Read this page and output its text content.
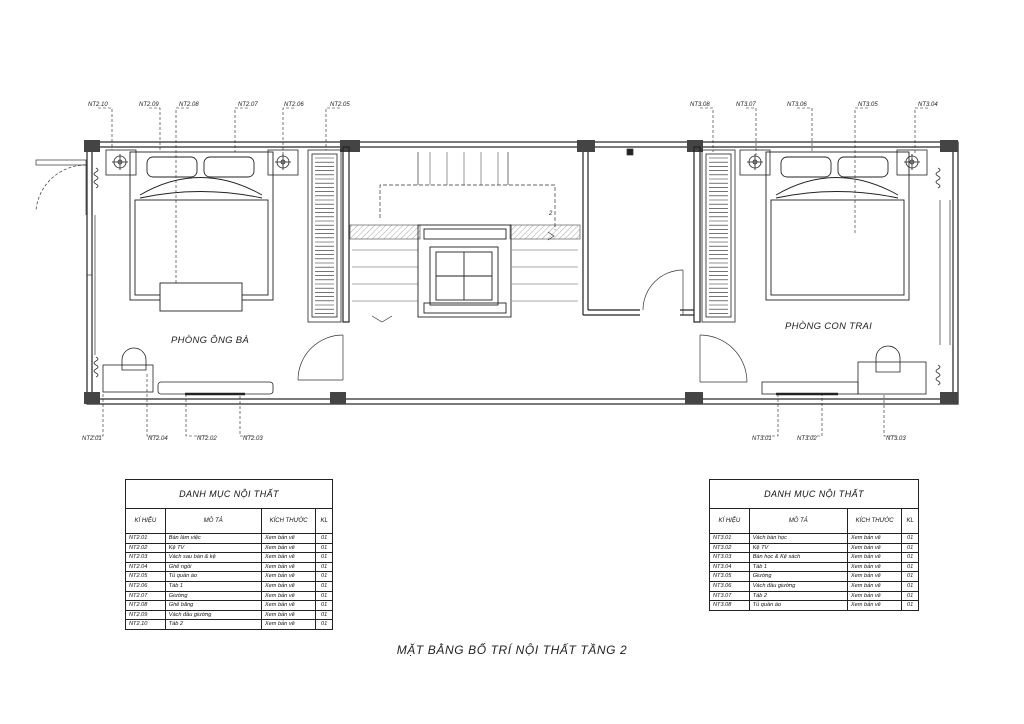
PHÒNG ÔNG BÀ
2
PHÒNG CON TRAI
NT2.10	NT2.09	NT2.08	NT2.07	NT2.06	NT2.05
NT2.01	NT2.04	NT2.02	NT2.03
NT3.08	NT3.07	NT3.06	NT3.05	NT3.04
NT3.01	NT3.02	NT3.03
DANH MỤC NỘI THẤT			
KÍ HIỆU	MÔ TẢ	KÍCH THƯỚC	KL
NT2.01	Bàn làm việc	Xem bản vẽ	01
NT2.02	Kệ TV	Xem bản vẽ	01
NT2.03	Vách sau bàn & kệ	Xem bản vẽ	01
NT2.04	Ghế ngồi	Xem bản vẽ	01
NT2.05	Tủ quần áo	Xem bản vẽ	01
NT2.06	Táb 1	Xem bản vẽ	01
NT2.07	Giường	Xem bản vẽ	01
NT2.08	Ghế băng	Xem bản vẽ	01
NT2.09	Vách đầu giường	Xem bản vẽ	01
NT2.10	Táb 2	Xem bản vẽ	01
DANH MỤC NỘI THẤT			
KÍ HIỆU	MÔ TẢ	KÍCH THƯỚC	KL
NT3.01	Vách bàn học	Xem bản vẽ	01
NT3.02	Kệ TV	Xem bản vẽ	01
NT3.03	Bàn học & Kệ sách	Xem bản vẽ	01
NT3.04	Táb 1	Xem bản vẽ	01
NT3.05	Giường	Xem bản vẽ	01
NT3.06	Vách đầu giường	Xem bản vẽ	01
NT3.07	Táb 2	Xem bản vẽ	01
NT3.08	Tủ quần áo	Xem bản vẽ	01
MẶT BẰNG BỐ TRÍ NỘI THẤT TẦNG 2
